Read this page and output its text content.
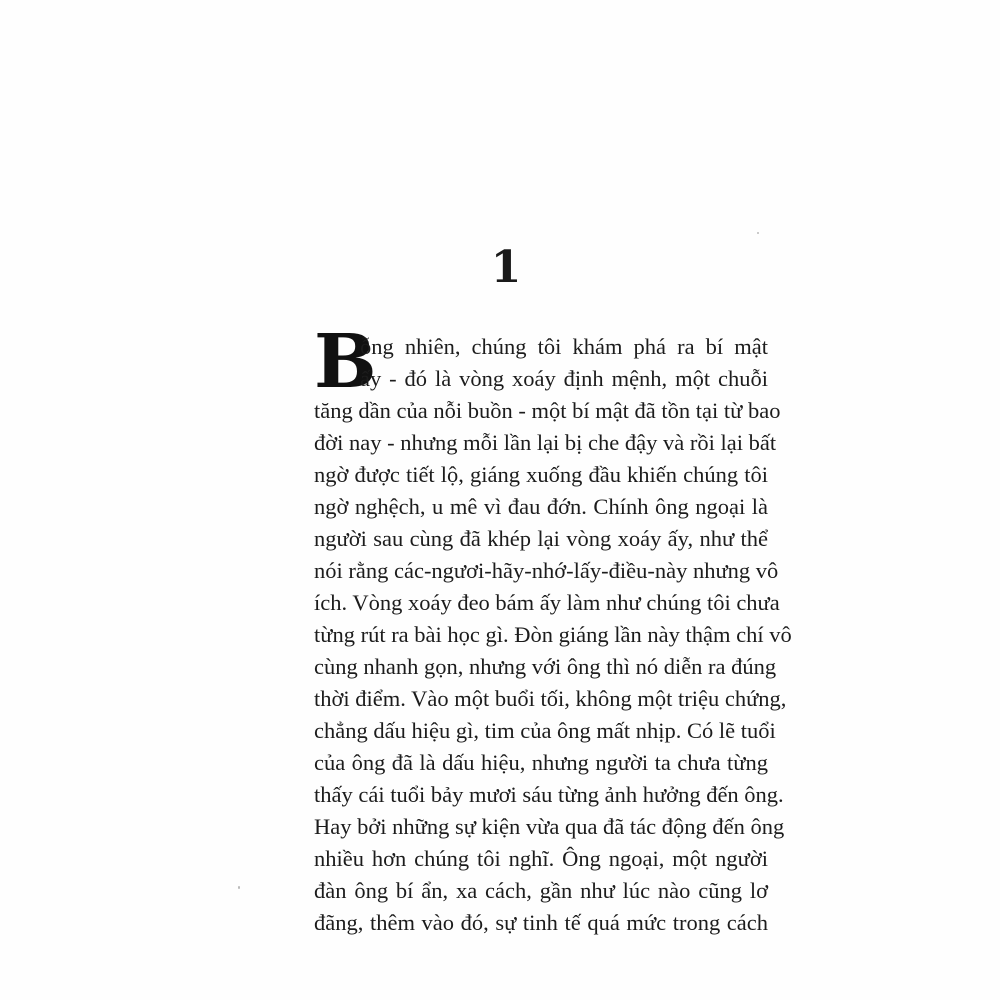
1
B
ỗng nhiên, chúng tôi khám phá ra bí mật
ấy - đó là vòng xoáy định mệnh, một chuỗi
tăng dần của nỗi buồn - một bí mật đã tồn tại từ bao
đời nay - nhưng mỗi lần lại bị che đậy và rồi lại bất
ngờ được tiết lộ, giáng xuống đầu khiến chúng tôi
ngờ nghệch, u mê vì đau đớn. Chính ông ngoại là
người sau cùng đã khép lại vòng xoáy ấy, như thể
nói rằng các-ngươi-hãy-nhớ-lấy-điều-này nhưng vô
ích. Vòng xoáy đeo bám ấy làm như chúng tôi chưa
từng rút ra bài học gì. Đòn giáng lần này thậm chí vô
cùng nhanh gọn, nhưng với ông thì nó diễn ra đúng
thời điểm. Vào một buổi tối, không một triệu chứng,
chẳng dấu hiệu gì, tim của ông mất nhịp. Có lẽ tuổi
của ông đã là dấu hiệu, nhưng người ta chưa từng
thấy cái tuổi bảy mươi sáu từng ảnh hưởng đến ông.
Hay bởi những sự kiện vừa qua đã tác động đến ông
nhiều hơn chúng tôi nghĩ. Ông ngoại, một người
đàn ông bí ẩn, xa cách, gần như lúc nào cũng lơ
đãng, thêm vào đó, sự tinh tế quá mức trong cách
